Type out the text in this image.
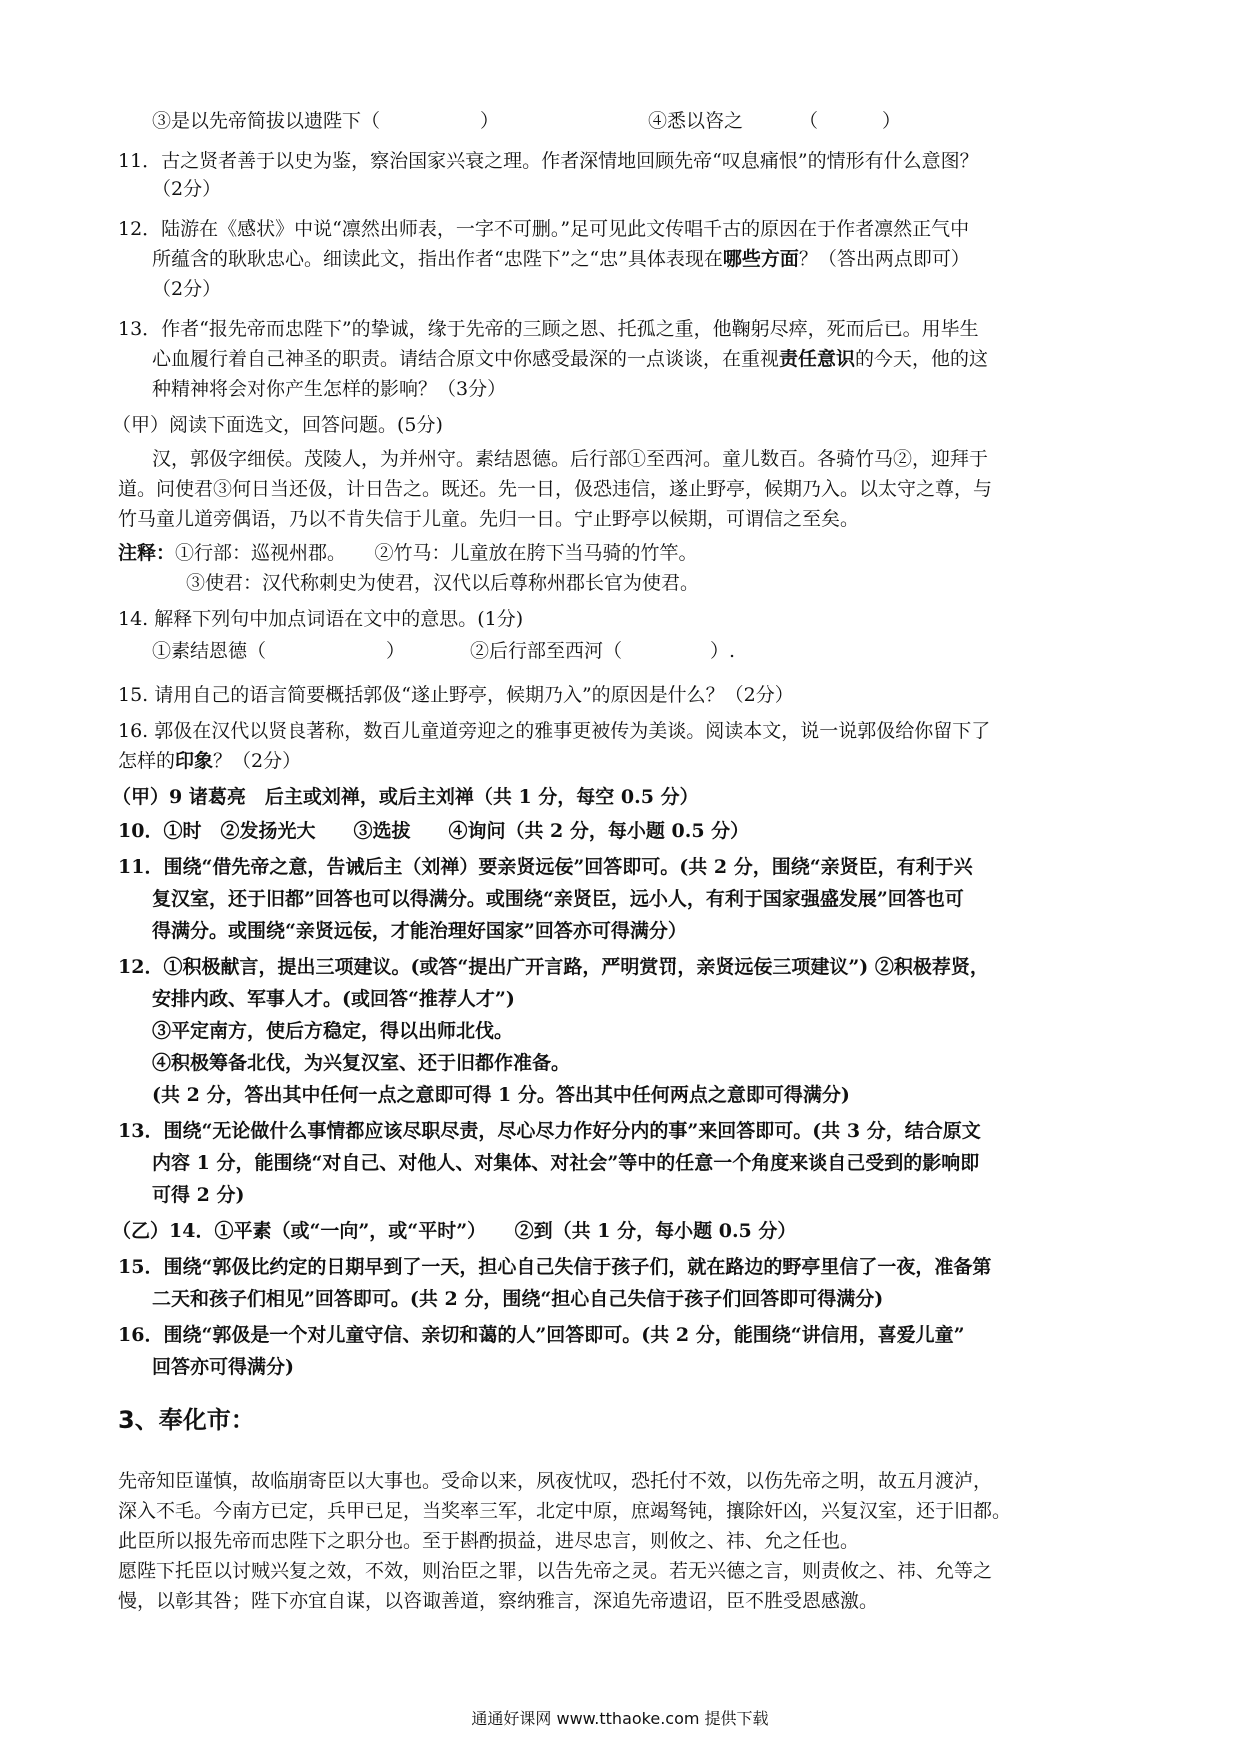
③是以先帝简拔以遗陛下（	）	④悉以咨之	（	）
11．古之贤者善于以史为鉴，察治国家兴衰之理。作者深情地回顾先帝“叹息痛恨”的情形有什么意图？
（2分）
12．陆游在《感状》中说“凛然出师表，一字不可删。”足可见此文传唱千古的原因在于作者凛然正气中
所蕴含的耿耿忠心。细读此文，指出作者“忠陛下”之“忠”具体表现在哪些方面？（答出两点即可）
（2分）
13．作者“报先帝而忠陛下”的挚诚，缘于先帝的三顾之恩、托孤之重，他鞠躬尽瘁，死而后已。用毕生
心血履行着自己神圣的职责。请结合原文中你感受最深的一点谈谈，在重视责任意识的今天，他的这
种精神将会对你产生怎样的影响？（3分）
（甲）阅读下面选文，回答问题。(5分)
汉，郭伋字细侯。茂陵人，为并州守。素结恩德。后行部①至西河。童儿数百。各骑竹马②，迎拜于
道。问使君③何日当还伋，计日告之。既还。先一日，伋恐违信，遂止野亭，候期乃入。以太守之尊，与
竹马童儿道旁偶语，乃以不肯失信于儿童。先归一日。宁止野亭以候期，可谓信之至矣。
注释：①行部：巡视州郡。　　②竹马：儿童放在胯下当马骑的竹竿。
③使君：汉代称刺史为使君，汉代以后尊称州郡长官为使君。
14. 解释下列句中加点词语在文中的意思。(1分)
①素结恩德（	）	②后行部至西河（	）.
15. 请用自己的语言简要概括郭伋“遂止野亭，候期乃入”的原因是什么？（2分）
16. 郭伋在汉代以贤良著称，数百儿童道旁迎之的雅事更被传为美谈。阅读本文，说一说郭伋给你留下了
怎样的印象？（2分）
（甲）9 诸葛亮　后主或刘禅，或后主刘禅（共 1 分，每空 0.5 分）
10．①时　②发扬光大　　③选拔　　④询问（共 2 分，每小题 0.5 分）
11．围绕“借先帝之意，告诫后主（刘禅）要亲贤远佞”回答即可。(共 2 分，围绕“亲贤臣，有利于兴
复汉室，还于旧都”回答也可以得满分。或围绕“亲贤臣，远小人，有利于国家强盛发展”回答也可
得满分。或围绕“亲贤远佞，才能治理好国家”回答亦可得满分）
12．①积极献言，提出三项建议。(或答“提出广开言路，严明赏罚，亲贤远佞三项建议”) ②积极荐贤，
安排内政、军事人才。(或回答“推荐人才”)
③平定南方，使后方稳定，得以出师北伐。
④积极筹备北伐，为兴复汉室、还于旧都作准备。
(共 2 分，答出其中任何一点之意即可得 1 分。答出其中任何两点之意即可得满分)
13．围绕“无论做什么事情都应该尽职尽责，尽心尽力作好分内的事”来回答即可。(共 3 分，结合原文
内容 1 分，能围绕“对自己、对他人、对集体、对社会”等中的任意一个角度来谈自己受到的影响即
可得 2 分)
（乙）14．①平素（或“一向”，或“平时”）　　②到（共 1 分，每小题 0.5 分）
15．围绕“郭伋比约定的日期早到了一天，担心自己失信于孩子们，就在路边的野亭里信了一夜，准备第
二天和孩子们相见”回答即可。(共 2 分，围绕“担心自己失信于孩子们回答即可得满分)
16．围绕“郭伋是一个对儿童守信、亲切和蔼的人”回答即可。(共 2 分，能围绕“讲信用，喜爱儿童”
回答亦可得满分)
3、奉化市：
先帝知臣谨慎，故临崩寄臣以大事也。受命以来，夙夜忧叹，恐托付不效，以伤先帝之明，故五月渡泸，
深入不毛。今南方已定，兵甲已足，当奖率三军，北定中原，庶竭驽钝，攘除奸凶，兴复汉室，还于旧都。
此臣所以报先帝而忠陛下之职分也。至于斟酌损益，进尽忠言，则攸之、祎、允之任也。
愿陛下托臣以讨贼兴复之效，不效，则治臣之罪，以告先帝之灵。若无兴德之言，则责攸之、祎、允等之
慢，以彰其咎；陛下亦宜自谋，以咨诹善道，察纳雅言，深追先帝遗诏，臣不胜受恩感激。
通通好课网 www.tthaoke.com 提供下载
